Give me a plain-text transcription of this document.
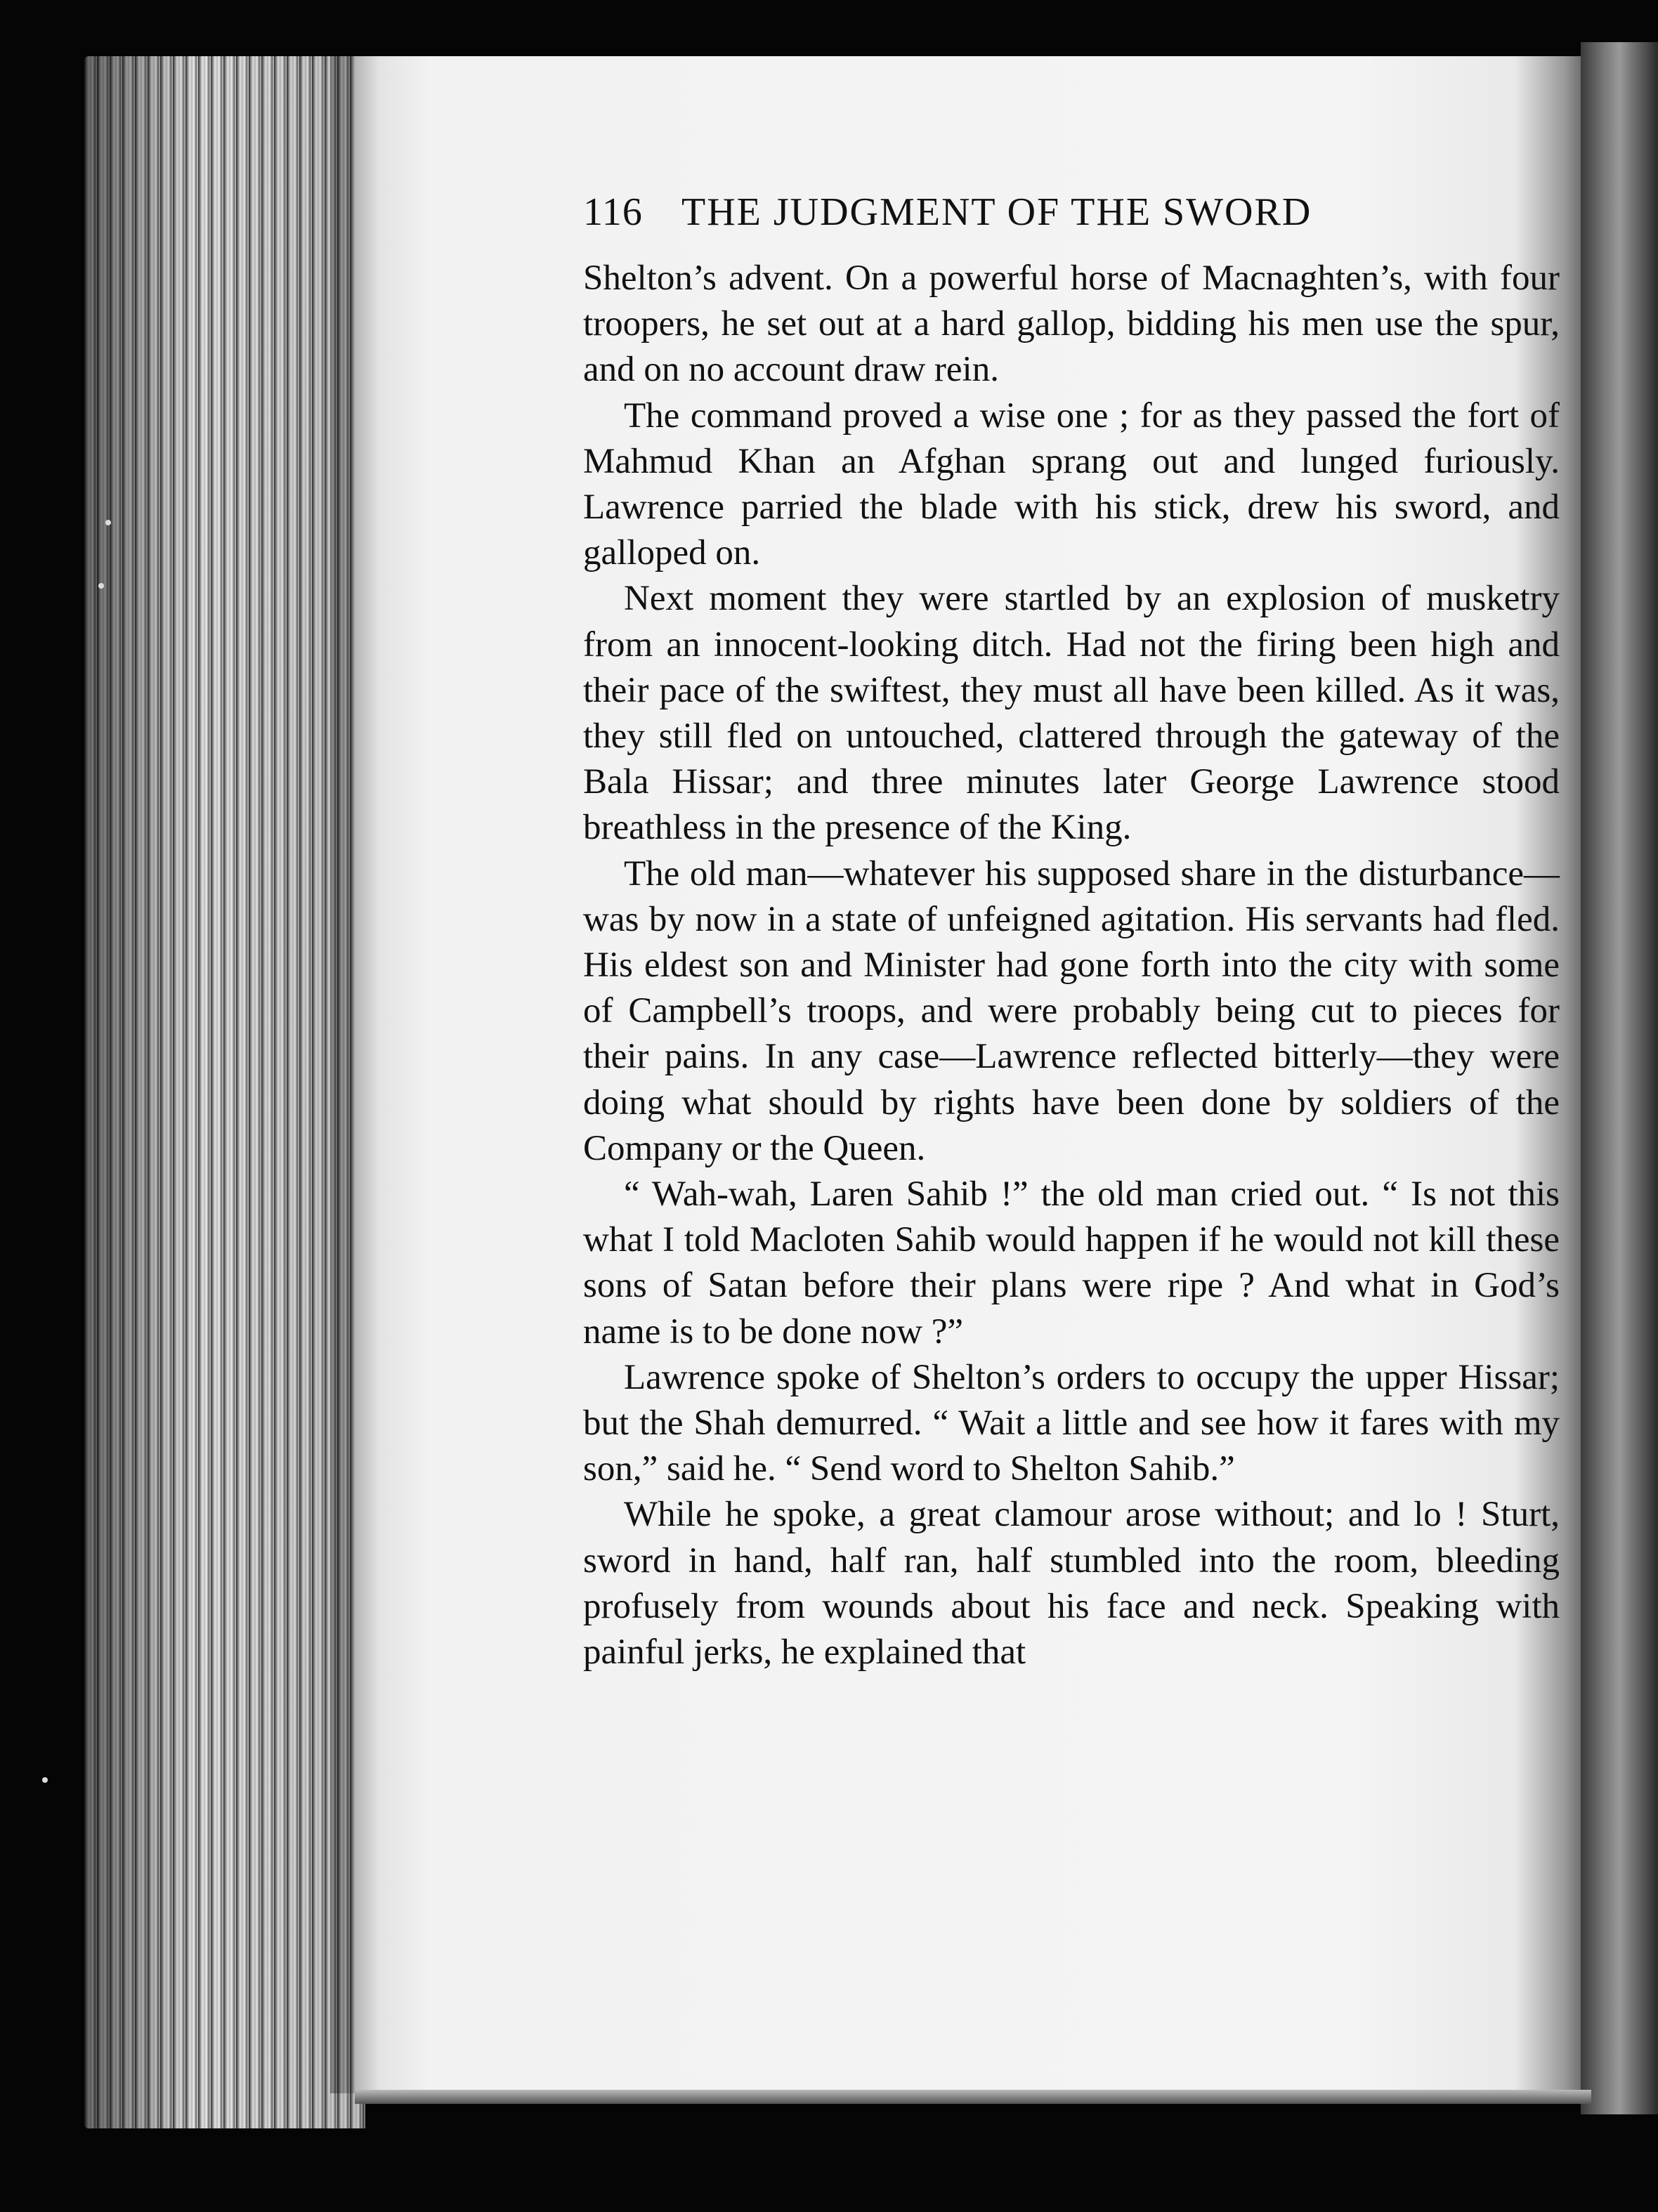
116 THE JUDGMENT OF THE SWORD

Shelton’s advent. On a powerful horse of Macnaghten’s, with four troopers, he set out at a hard gallop, bidding his men use the spur, and on no account draw rein.

The command proved a wise one ; for as they passed the fort of Mahmud Khan an Afghan sprang out and lunged furiously. Lawrence parried the blade with his stick, drew his sword, and galloped on.

Next moment they were startled by an explosion of musketry from an innocent-looking ditch. Had not the firing been high and their pace of the swiftest, they must all have been killed. As it was, they still fled on untouched, clattered through the gateway of the Bala Hissar; and three minutes later George Lawrence stood breathless in the presence of the King.

The old man—whatever his supposed share in the disturbance—was by now in a state of unfeigned agitation. His servants had fled. His eldest son and Minister had gone forth into the city with some of Campbell’s troops, and were probably being cut to pieces for their pains. In any case—Lawrence reflected bitterly—they were doing what should by rights have been done by soldiers of the Company or the Queen.

“ Wah-wah, Laren Sahib !” the old man cried out. “ Is not this what I told Macloten Sahib would happen if he would not kill these sons of Satan before their plans were ripe ? And what in God’s name is to be done now ?”

Lawrence spoke of Shelton’s orders to occupy the upper Hissar; but the Shah demurred. “ Wait a little and see how it fares with my son,” said he. “ Send word to Shelton Sahib.”

While he spoke, a great clamour arose without; and lo ! Sturt, sword in hand, half ran, half stumbled into the room, bleeding profusely from wounds about his face and neck. Speaking with painful jerks, he explained that
